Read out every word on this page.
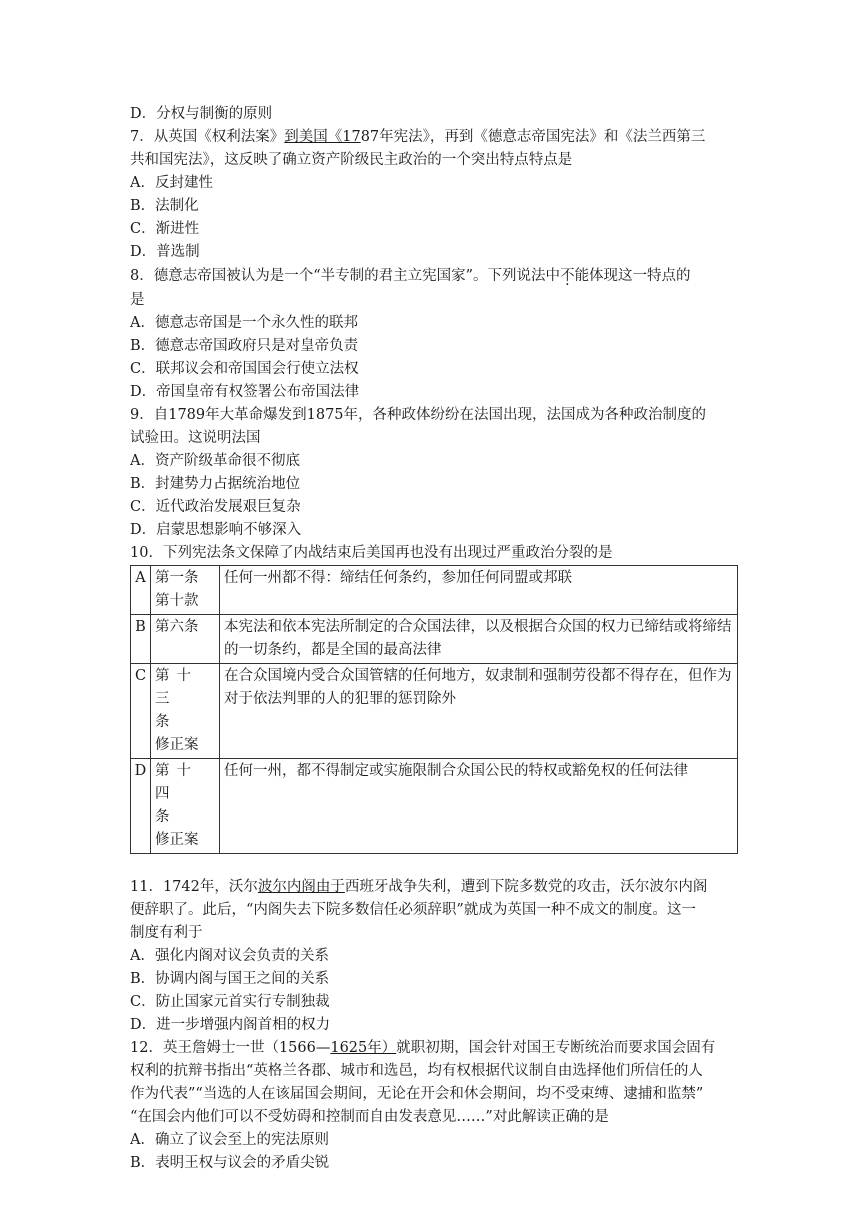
D．分权与制衡的原则
7．从英国《权利法案》到美国《1787年宪法》，再到《德意志帝国宪法》和《法兰西第三
共和国宪法》，这反映了确立资产阶级民主政治的一个突出特点特点是
A．反封建性
B．法制化
C．渐进性
D．普选制
8．德意志帝国被认为是一个“半专制的君主立宪国家”。下列说法中不能体现这一特点的
是
A．德意志帝国是一个永久性的联邦
B．德意志帝国政府只是对皇帝负责
C．联邦议会和帝国国会行使立法权
D．帝国皇帝有权签署公布帝国法律
9．自1789年大革命爆发到1875年，各种政体纷纷在法国出现，法国成为各种政治制度的
试验田。这说明法国
A．资产阶级革命很不彻底
B．封建势力占据统治地位
C．近代政治发展艰巨复杂
D．启蒙思想影响不够深入
10．下列宪法条文保障了内战结束后美国再也没有出现过严重政治分裂的是
A	第一条
第十款	任何一州都不得：缔结任何条约，参加任何同盟或邦联
B	第六条	本宪法和依本宪法所制定的合众国法律，以及根据合众国的权力已缔结或将缔结的一切条约，都是全国的最高法律
C	第十三
条
修正案	在合众国境内受合众国管辖的任何地方，奴隶制和强制劳役都不得存在，但作为对于依法判罪的人的犯罪的惩罚除外
D	第十四
条
修正案	任何一州，都不得制定或实施限制合众国公民的特权或豁免权的任何法律
11．1742年，沃尔波尔内阁由于西班牙战争失利，遭到下院多数党的攻击，沃尔波尔内阁
便辞职了。此后，“内阁失去下院多数信任必须辞职”就成为英国一种不成文的制度。这一
制度有利于
A．强化内阁对议会负责的关系
B．协调内阁与国王之间的关系
C．防止国家元首实行专制独裁
D．进一步增强内阁首相的权力
12．英王詹姆士一世（1566—1625年）就职初期，国会针对国王专断统治而要求国会固有
权利的抗辩书指出“英格兰各郡、城市和选邑，均有权根据代议制自由选择他们所信任的人
作为代表”“当选的人在该届国会期间，无论在开会和休会期间，均不受束缚、逮捕和监禁”
“在国会内他们可以不受妨碍和控制而自由发表意见……”对此解读正确的是
A．确立了议会至上的宪法原则
B．表明王权与议会的矛盾尖锐
